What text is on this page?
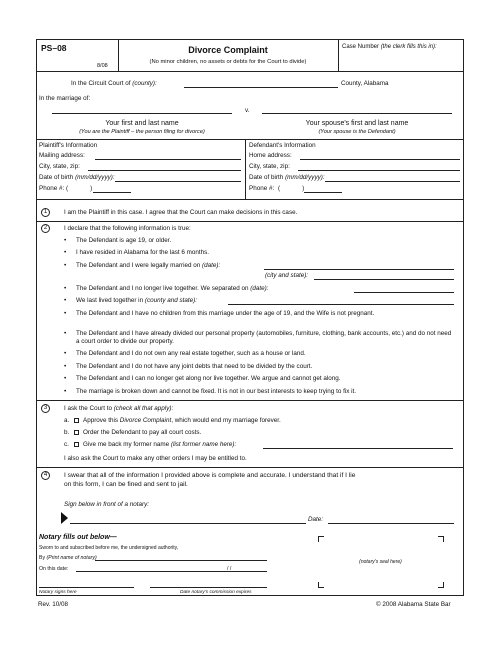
PS–08
8/08
Divorce Complaint
(No minor children, no assets or debts for the Court to divide)
Case Number (the clerk fills this in):
In the Circuit Court of (county):	County, Alabama
In the marriage of:
v.
Your first and last name
(You are the Plaintiff – the person filing for divorce)
Your spouse's first and last name
(Your spouse is the Defendant)
Plaintiff's Information
Mailing address:
City, state, zip:
Date of birth (mm/dd/yyyy):
Phone #: (	)
Defendant's Information
Home address:
City, state, zip:
Date of birth (mm/dd/yyyy):
Phone #: (	)
1	I am the Plaintiff in this case. I agree that the Court can make decisions in this case.
2	I declare that the following information is true:
• The Defendant is age 19, or older.
• I have resided in Alabama for the last 6 months.
• The Defendant and I were legally married on (date):
(city and state):
• The Defendant and I no longer live together. We separated on (date):
• We last lived together in (county and state):
• The Defendant and I have no children from this marriage under the age of 19, and the Wife is not pregnant.
• The Defendant and I have already divided our personal property (automobiles, furniture, clothing, bank accounts, etc.) and do not need a court order to divide our property.
• The Defendant and I do not own any real estate together, such as a house or land.
• The Defendant and I do not have any joint debts that need to be divided by the court.
• The Defendant and I can no longer get along nor live together. We argue and cannot get along.
• The marriage is broken down and cannot be fixed. It is not in our best interests to keep trying to fix it.
3	I ask the Court to (check all that apply):
a. Approve this Divorce Complaint, which would end my marriage forever.
b. Order the Defendant to pay all court costs.
c. Give me back my former name (list former name here):
I also ask the Court to make any other orders I may be entitled to.
4	I swear that all of the information I provided above is complete and accurate. I understand that if I lie
on this form, I can be fined and sent to jail.
Sign below in front of a notary:
Date:
Notary fills out below—
Sworn to and subscribed before me, the undersigned authority,
By (Print name of notary)
On this date:	/ /
Notary signs here	Date notary's commission expires
(notary's seal here)
Rev. 10/08	© 2008 Alabama State Bar
